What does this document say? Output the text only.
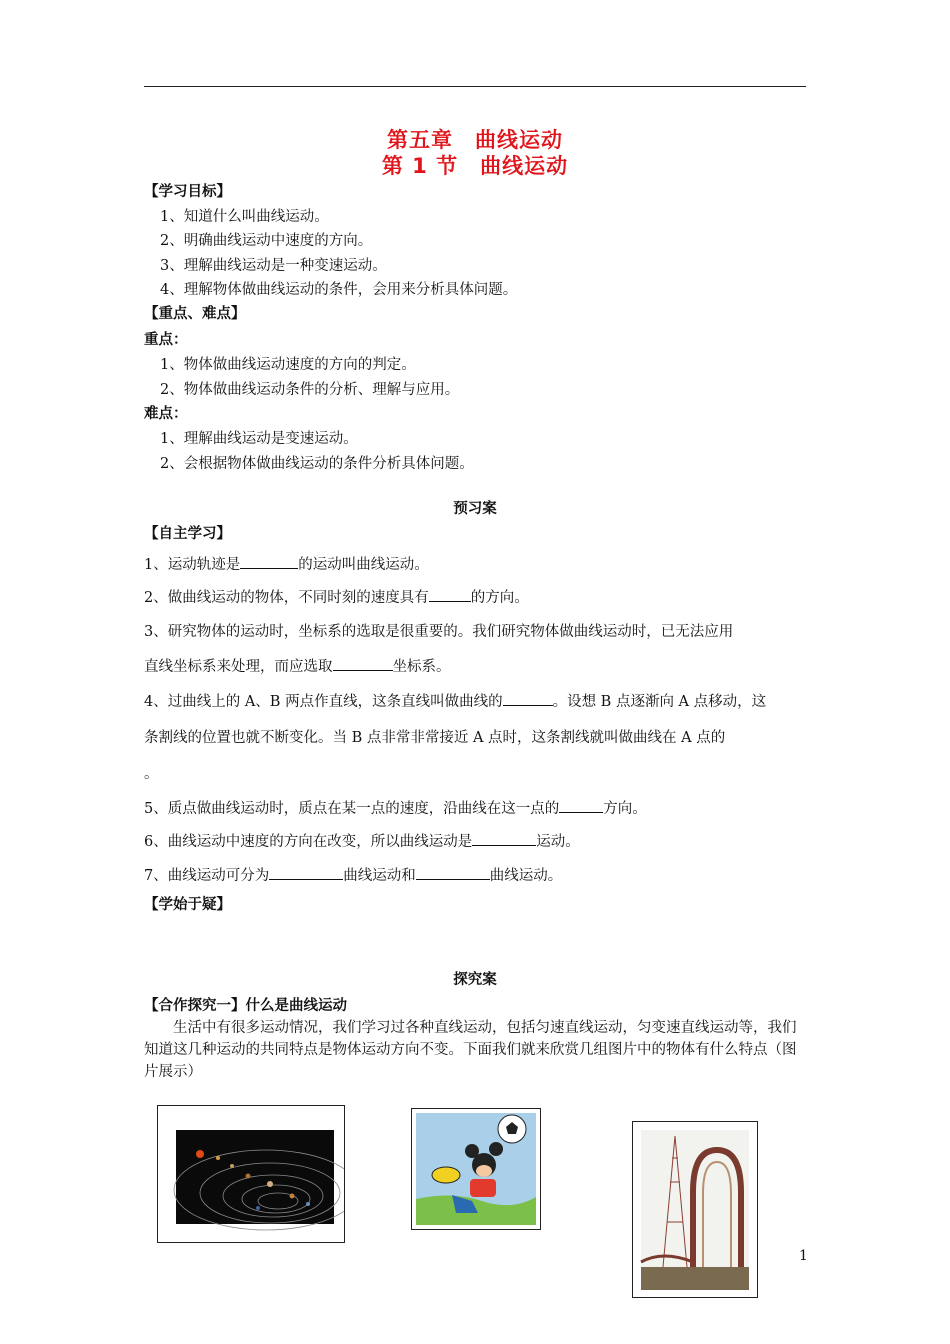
第五章　曲线运动
第 1 节　曲线运动
【学习目标】
1、知道什么叫曲线运动。
2、明确曲线运动中速度的方向。
3、理解曲线运动是一种变速运动。
4、理解物体做曲线运动的条件，会用来分析具体问题。
【重点、难点】
重点：
1、物体做曲线运动速度的方向的判定。
2、物体做曲线运动条件的分析、理解与应用。
难点：
1、理解曲线运动是变速运动。
2、会根据物体做曲线运动的条件分析具体问题。
预习案
【自主学习】
1、运动轨迹是	的运动叫曲线运动。
2、做曲线运动的物体，不同时刻的速度具有	的方向。
3、研究物体的运动时，坐标系的选取是很重要的。我们研究物体做曲线运动时，已无法应用
直线坐标系来处理，而应选取	坐标系。
4、过曲线上的 A、B 两点作直线，这条直线叫做曲线的	。设想 B 点逐渐向 A 点移动，这
条割线的位置也就不断变化。当 B 点非常非常接近 A 点时，这条割线就叫做曲线在 A 点的
。
5、质点做曲线运动时，质点在某一点的速度，沿曲线在这一点的	方向。
6、曲线运动中速度的方向在改变，所以曲线运动是	运动。
7、曲线运动可分为	曲线运动和	曲线运动。
【学始于疑】
探究案
【合作探究一】什么是曲线运动
生活中有很多运动情况，我们学习过各种直线运动，包括匀速直线运动，匀变速直线运动等，我们知道这几种运动的共同特点是物体运动方向不变。下面我们就来欣赏几组图片中的物体有什么特点（图片展示）
1
